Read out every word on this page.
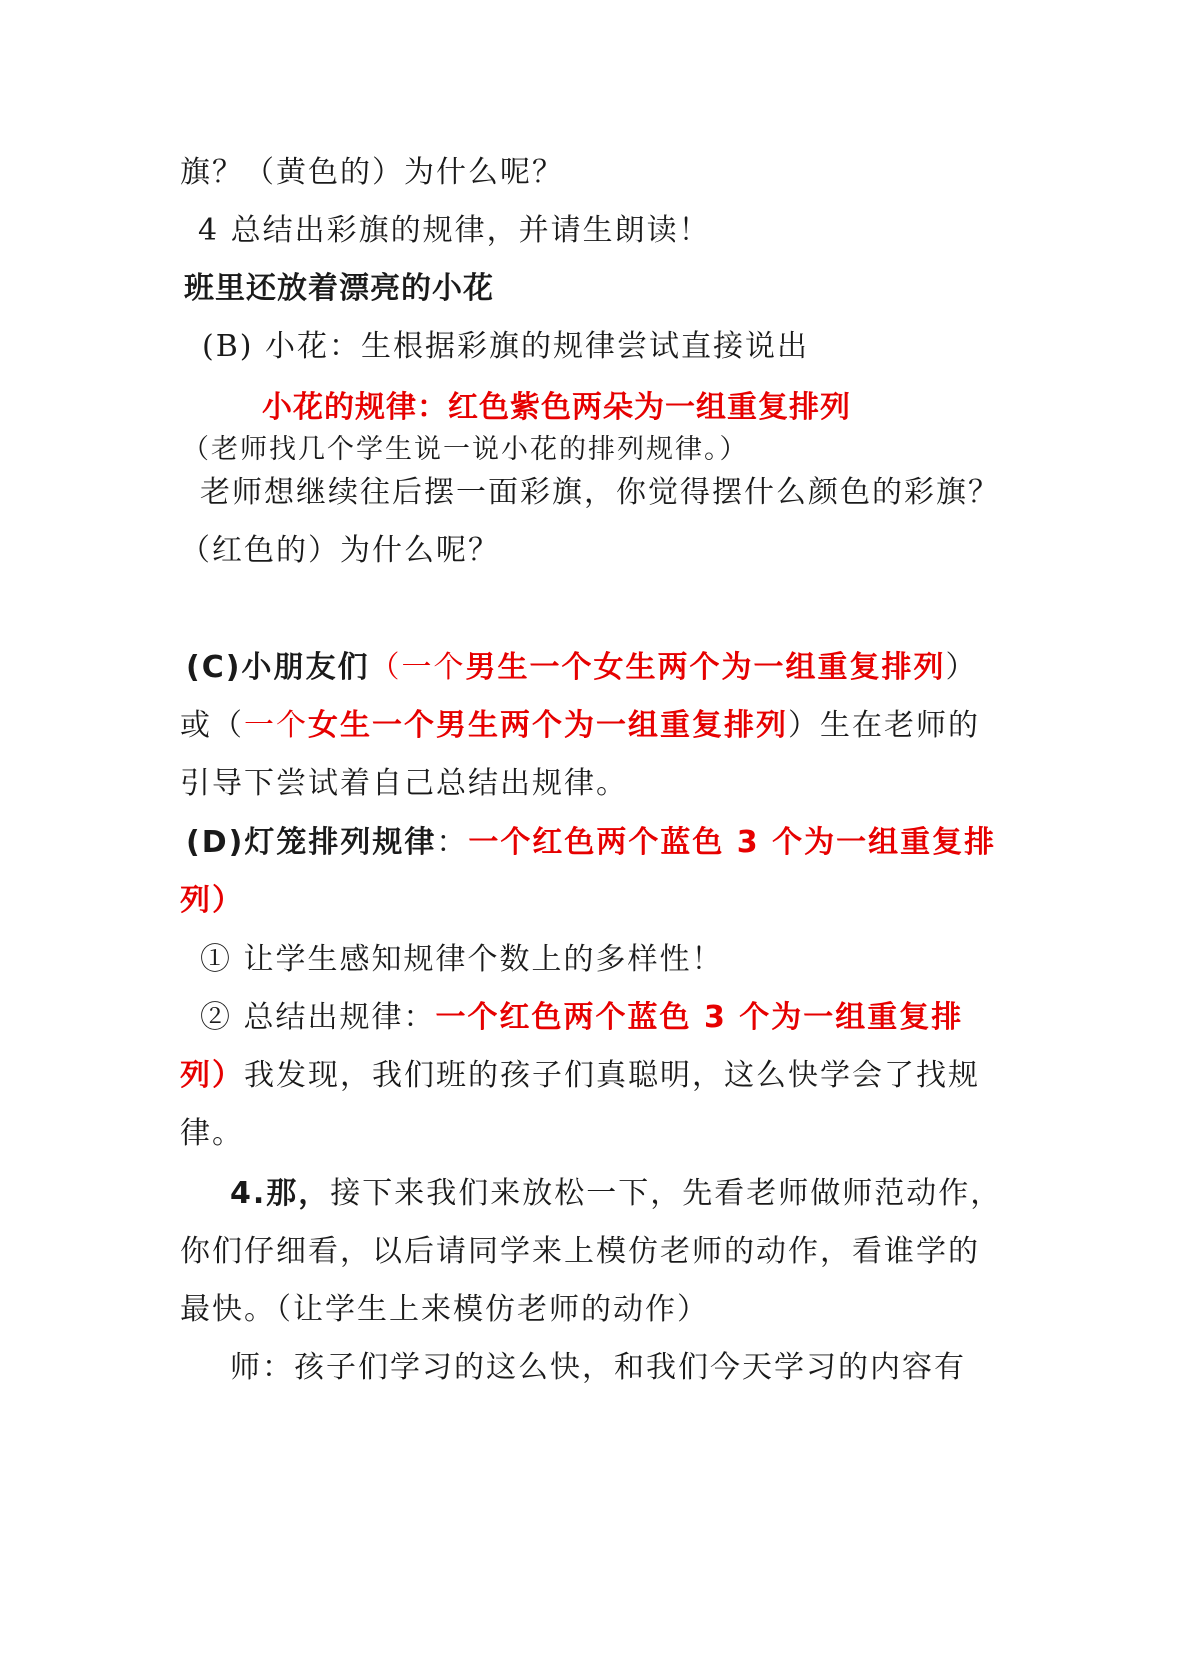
旗？（黄色的）为什么呢？
4 总结出彩旗的规律，并请生朗读！
班里还放着漂亮的小花
(B) 小花：生根据彩旗的规律尝试直接说出
小花的规律：红色紫色两朵为一组重复排列
（老师找几个学生说一说小花的排列规律。）
老师想继续往后摆一面彩旗，你觉得摆什么颜色的彩旗？
（红色的）为什么呢？
(C)小朋友们（一个男生一个女生两个为一组重复排列）
或（一个女生一个男生两个为一组重复排列）生在老师的
引导下尝试着自己总结出规律。
(D)灯笼排列规律：一个红色两个蓝色 3 个为一组重复排
列）
① 让学生感知规律个数上的多样性！
② 总结出规律：一个红色两个蓝色 3 个为一组重复排
列）我发现，我们班的孩子们真聪明，这么快学会了找规
律。
4.那，接下来我们来放松一下，先看老师做师范动作，
你们仔细看，以后请同学来上模仿老师的动作，看谁学的
最快。（让学生上来模仿老师的动作）
师：孩子们学习的这么快，和我们今天学习的内容有
